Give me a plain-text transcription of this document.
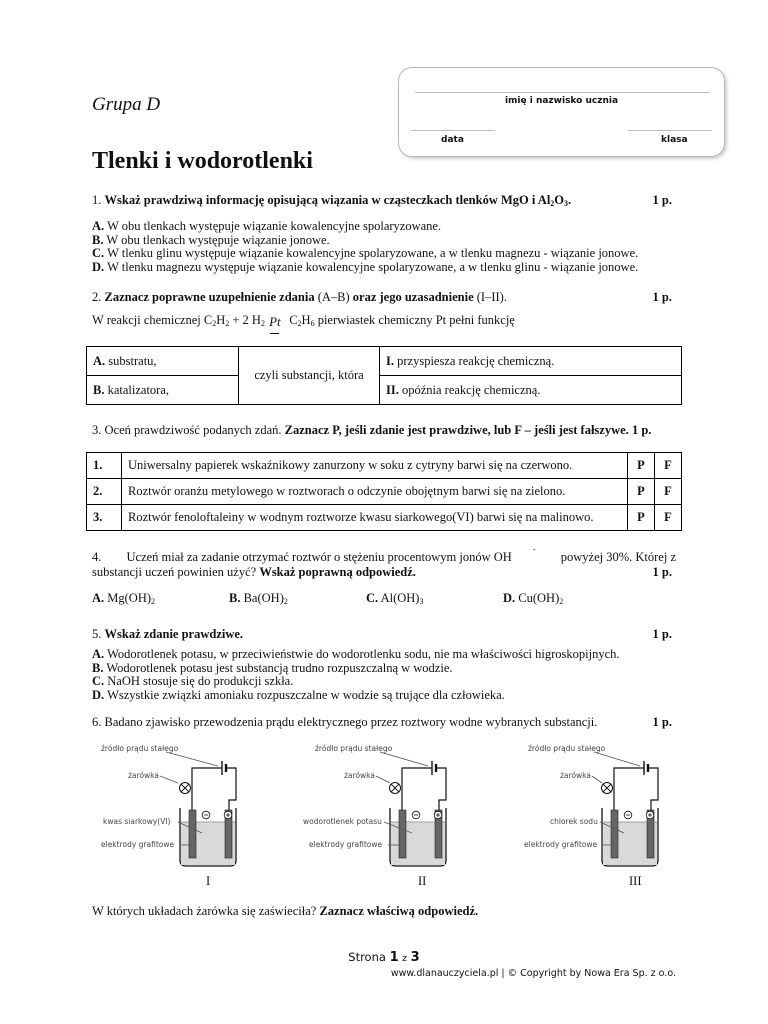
Grupa D	imię i nazwisko ucznia
data	klasa
Tlenki i wodorotlenki
1. Wskaż prawdziwą informację opisującą wiązania w cząsteczkach tlenków MgO i $Al_2O_3$.	1 p.
A. W obu tlenkach występuje wiązanie kowalencyjne spolaryzowane.
B. W obu tlenkach występuje wiązanie jonowe.
C. W tlenku glinu występuje wiązanie kowalencyjne spolaryzowane, a w tlenku magnezu - wiązanie jonowe.
D. W tlenku magnezu występuje wiązanie kowalencyjne spolaryzowane, a w tlenku glinu - wiązanie jonowe.
2. Zaznacz poprawne uzupełnienie zdania (A–B) oraz jego uzasadnienie (I–II).	1 p.
W reakcji chemicznej $C_2H_2 + 2$ $H_2$ Pt $C_2H_6$ pierwiastek chemiczny Pt pełni funkcję
A. substratu,	czyli substancji, która	I. przyspiesza reakcję chemiczną.
B. katalizatora,		II. opóźnia reakcję chemiczną.
3. Oceń prawdziwość podanych zdań. Zaznacz P, jeśli zdanie jest prawdziwe, lub F – jeśli jest fałszywe. 1 p.
1.	Uniwersalny papierek wskaźnikowy zanurzony w soku z cytryny barwi się na czerwono.	P	F
2.	Roztwór oranżu metylowego w roztworach o odczynie obojętnym barwi się na zielono.	P	F
3.	Roztwór fenoloftaleiny w wodnym roztworze kwasu siarkowego(VI) barwi się na malinowo.	P	F
4. Uczeń miał za zadanie otrzymać roztwór o stężeniu procentowym jonów OH
-
powyżej 30%. Której z
substancji uczeń powinien użyć? Wskaż poprawną odpowiedź.	1 p.
A. $Mg(OH)_2$	B. $Ba(OH)_2$	C. $Al(OH)_3$	D. $Cu(OH)_2$
5. Wskaż zdanie prawdziwe.	1 p.
A. Wodorotlenek potasu, w przeciwieństwie do wodorotlenku sodu, nie ma właściwości higroskopijnych.
B. Wodorotlenek potasu jest substancją trudno rozpuszczalną w wodzie.
C. NaOH stosuje się do produkcji szkła.
D. Wszystkie związki amoniaku rozpuszczalne w wodzie są trujące dla człowieka.
6. Badano zjawisko przewodzenia prądu elektrycznego przez roztwory wodne wybranych substancji.	1 p.
źródło prądu stałego
żarówka
kwas siarkowy(VI)
elektrody grafitowe
I
źródło prądu stałego
żarówka
wodorotlenek potasu
elektrody grafitowe
II
źródło prądu stałego
żarówka
chlorek sodu
elektrody grafitowe
III
W których układach żarówka się zaświeciła? Zaznacz właściwą odpowiedź.
Strona 1 z 3
www.dlanauczyciela.pl | © Copyright by Nowa Era Sp. z o.o.
